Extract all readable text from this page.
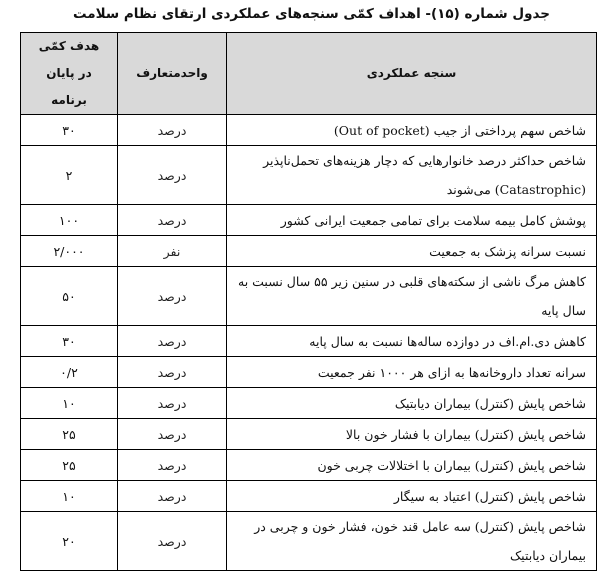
جدول شماره (۱۵)- اهداف کمّی سنجه‌های عملکردی ارتقای نظام سلامت
سنجه عملکردی	واحدمتعارف	هدف کمّی در پایان برنامه
شاخص سهم پرداختی از جیب (Out of pocket)	درصد	۳۰
شاخص حداکثر درصد خانوارهایی که دچار هزینه‌های تحمل‌ناپذیر (Catastrophic) می‌شوند	درصد	۲
پوشش کامل بیمه سلامت برای تمامی جمعیت ایرانی کشور	درصد	۱۰۰
نسبت سرانه پزشک به جمعیت	نفر	۲/۰۰۰
کاهش مرگ ناشی از سکته‌های قلبی در سنین زیر ۵۵ سال نسبت به سال پایه	درصد	۵۰
کاهش دی.ام.اف در دوازده ساله‌ها نسبت به سال پایه	درصد	۳۰
سرانه تعداد داروخانه‌ها به ازای هر ۱۰۰۰ نفر جمعیت	درصد	۰/۲
شاخص پایش (کنترل) بیماران دیابتیک	درصد	۱۰
شاخص پایش (کنترل) بیماران با فشار خون بالا	درصد	۲۵
شاخص پایش (کنترل) بیماران با اختلالات چربی خون	درصد	۲۵
شاخص پایش (کنترل) اعتیاد به سیگار	درصد	۱۰
شاخص پایش (کنترل) سه عامل قند خون، فشار خون و چربی در بیماران دیابتیک	درصد	۲۰
